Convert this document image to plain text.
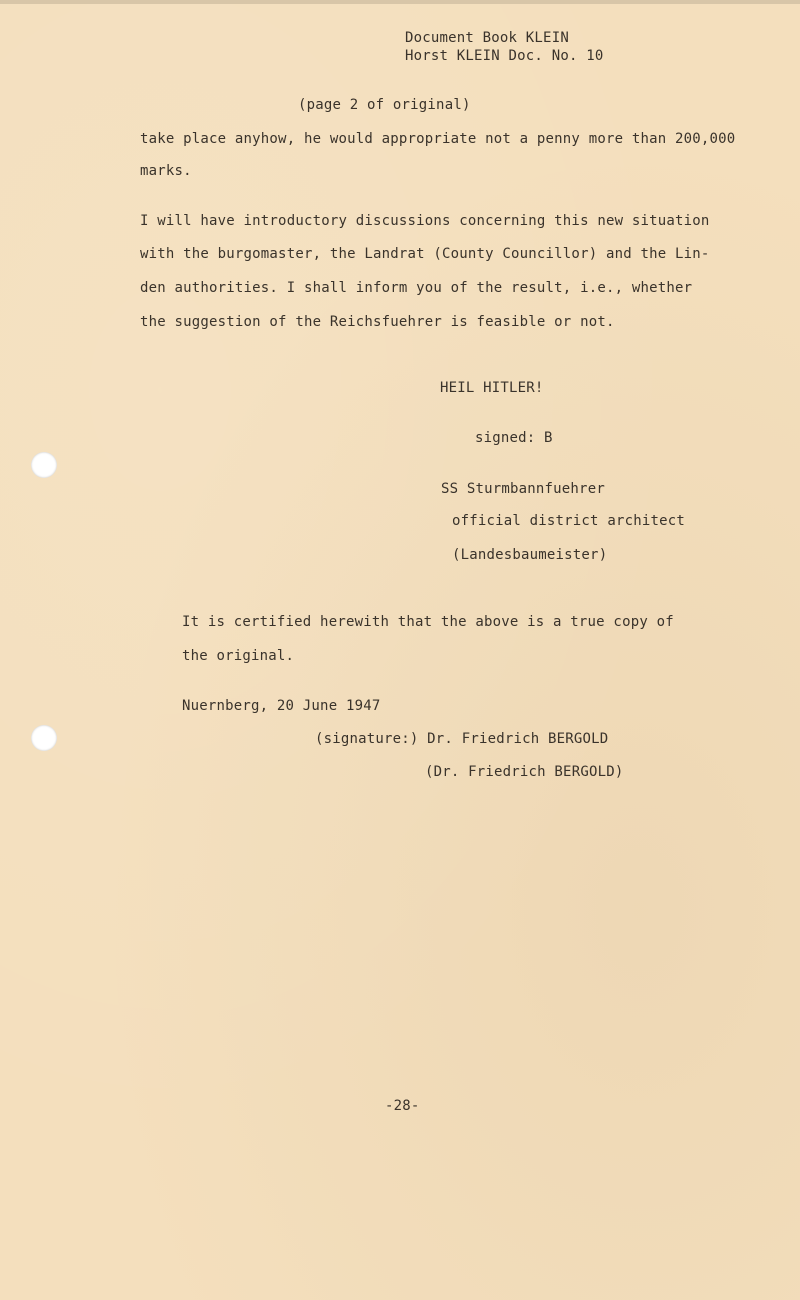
Document Book KLEIN
Horst KLEIN Doc. No. 10
(page 2 of original)
take place anyhow, he would appropriate not a penny more than 200,000
marks.
I will have introductory discussions concerning this new situation
with the burgomaster, the Landrat (County Councillor) and the Lin-
den authorities. I shall inform you of the result, i.e., whether
the suggestion of the Reichsfuehrer is feasible or not.
HEIL HITLER!
signed: B
SS Sturmbannfuehrer
official district architect
(Landesbaumeister)
It is certified herewith that the above is a true copy of
the original.
Nuernberg, 20 June 1947
(signature:) Dr. Friedrich BERGOLD
(Dr. Friedrich BERGOLD)
-28-
